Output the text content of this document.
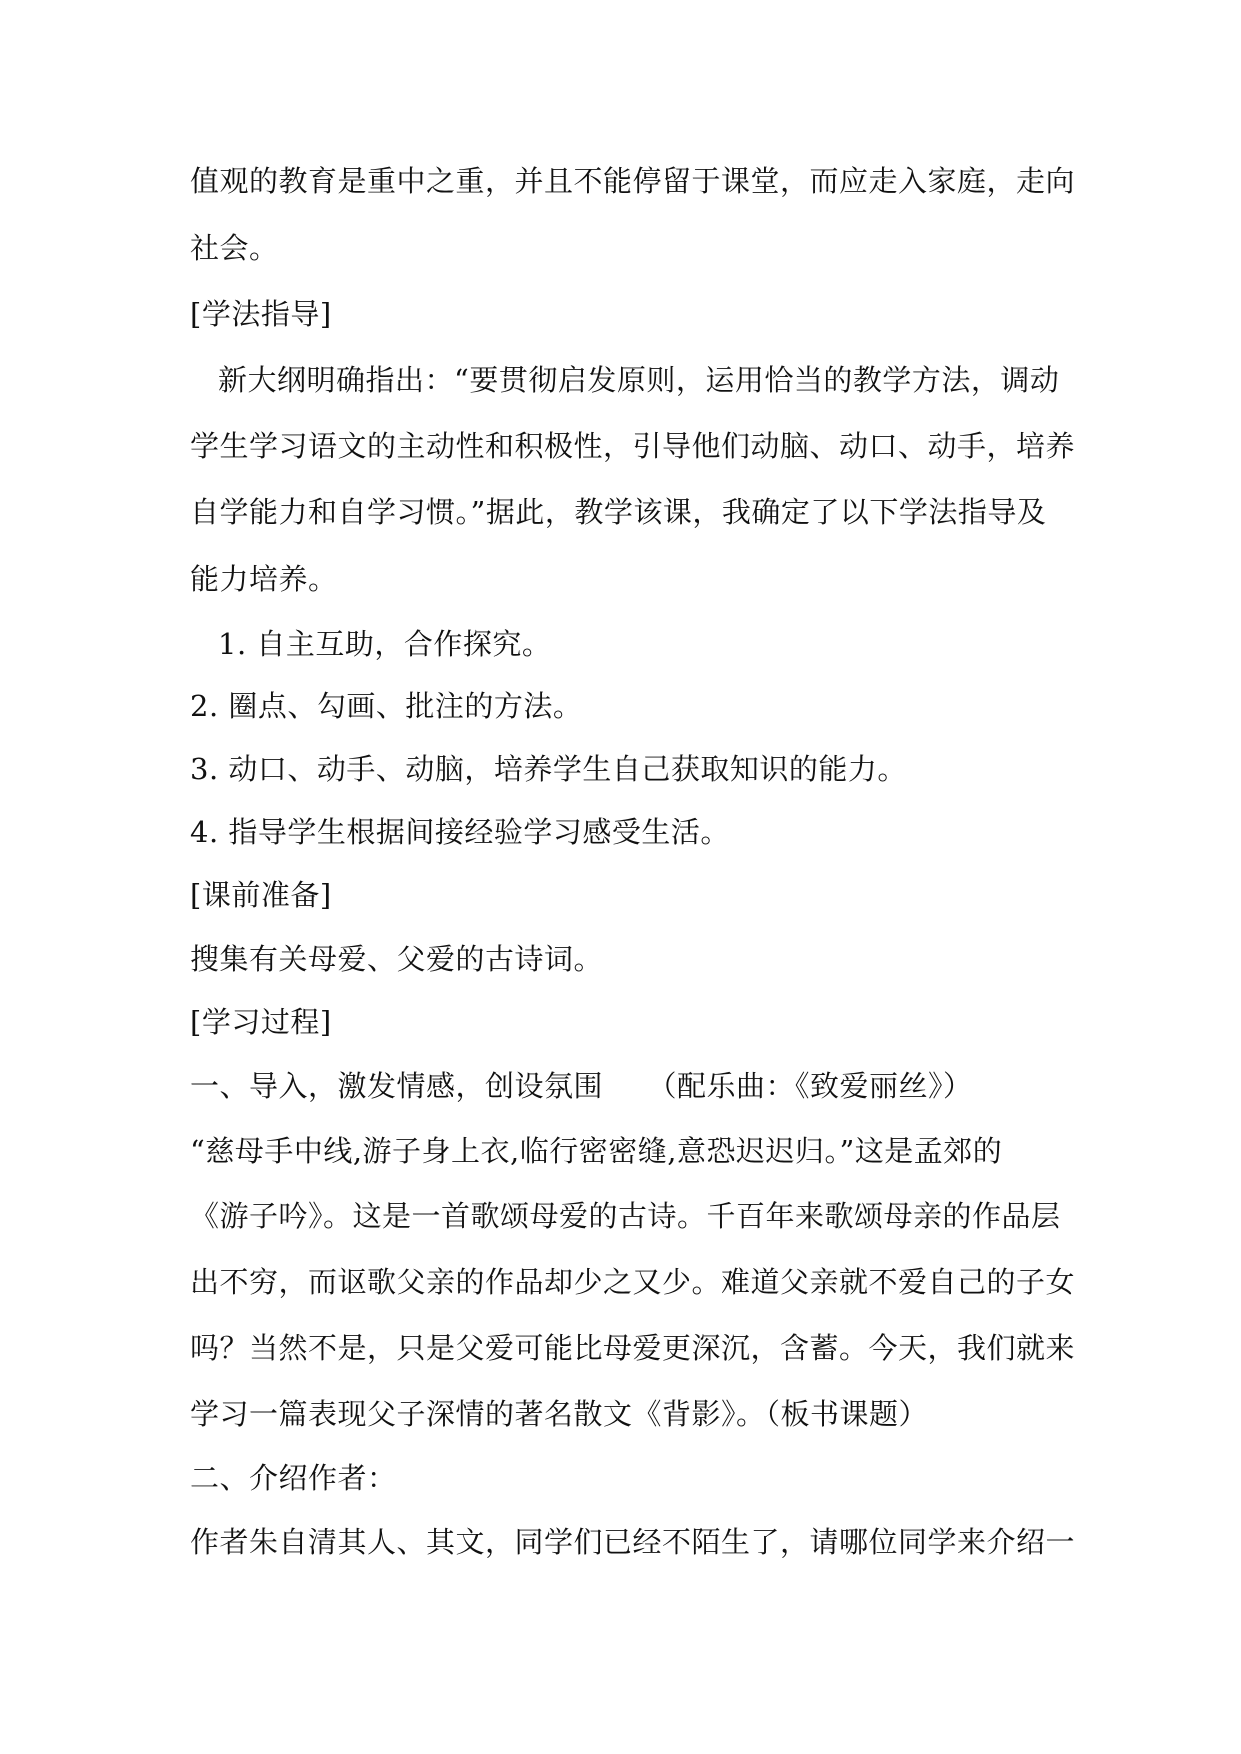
值观的教育是重中之重，并且不能停留于课堂，而应走入家庭，走向
社会。
[学法指导]
新大纲明确指出：“要贯彻启发原则，运用恰当的教学方法，调动
学生学习语文的主动性和积极性，引导他们动脑、动口、动手，培养
自学能力和自学习惯。”据此，教学该课，我确定了以下学法指导及
能力培养。
1. 自主互助，合作探究。
2. 圈点、勾画、批注的方法。
3. 动口、动手、动脑，培养学生自己获取知识的能力。
4. 指导学生根据间接经验学习感受生活。
[课前准备]
搜集有关母爱、父爱的古诗词。
[学习过程]
一、导入，激发情感，创设氛围　　（配乐曲：《致爱丽丝》）
“慈母手中线,游子身上衣,临行密密缝,意恐迟迟归。”这是孟郊的
《游子吟》。这是一首歌颂母爱的古诗。千百年来歌颂母亲的作品层
出不穷，而讴歌父亲的作品却少之又少。难道父亲就不爱自己的子女
吗？当然不是，只是父爱可能比母爱更深沉，含蓄。今天，我们就来
学习一篇表现父子深情的著名散文《背影》。（板书课题）
二、介绍作者：
作者朱自清其人、其文，同学们已经不陌生了，请哪位同学来介绍一
